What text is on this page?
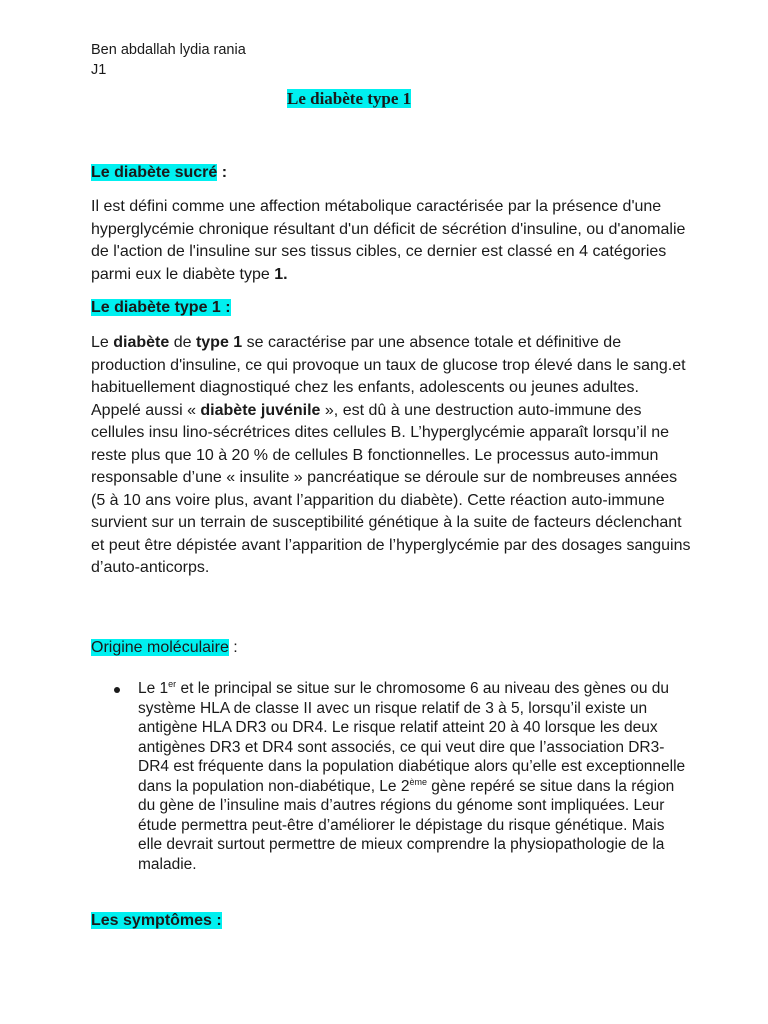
Ben abdallah lydia rania
J1
Le diabète type 1
Le diabète sucré :
Il est défini comme une affection métabolique caractérisée par la présence d'une hyperglycémie chronique résultant d'un déficit de sécrétion d'insuline, ou d'anomalie de l'action de l'insuline sur ses tissus cibles, ce dernier est classé en 4 catégories parmi eux le diabète type 1.
Le diabète type 1 :
Le diabète de type 1 se caractérise par une absence totale et définitive de production d'insuline, ce qui provoque un taux de glucose trop élevé dans le sang.et habituellement diagnostiqué chez les enfants, adolescents ou jeunes adultes. Appelé aussi « diabète juvénile », est dû à une destruction auto-immune des cellules insu lino-sécrétrices dites cellules B. L’hyperglycémie apparaît lorsqu’il ne reste plus que 10 à 20 % de cellules B fonctionnelles. Le processus auto-immun responsable d’une « insulite » pancréatique se déroule sur de nombreuses années (5 à 10 ans voire plus, avant l’apparition du diabète). Cette réaction auto-immune survient sur un terrain de susceptibilité génétique à la suite de facteurs déclenchant et peut être dépistée avant l’apparition de l’hyperglycémie par des dosages sanguins d’auto-anticorps.
Origine moléculaire :
Le 1er et le principal se situe sur le chromosome 6 au niveau des gènes ou du système HLA de classe II avec un risque relatif de 3 à 5, lorsqu’il existe un antigène HLA DR3 ou DR4. Le risque relatif atteint 20 à 40 lorsque les deux antigènes DR3 et DR4 sont associés, ce qui veut dire que l’association DR3-DR4 est fréquente dans la population diabétique alors qu’elle est exceptionnelle dans la population non-diabétique, Le 2ème gène repéré se situe dans la région du gène de l’insuline mais d’autres régions du génome sont impliquées. Leur étude permettra peut-être d’améliorer le dépistage du risque génétique. Mais elle devrait surtout permettre de mieux comprendre la physiopathologie de la maladie.
Les symptômes :
